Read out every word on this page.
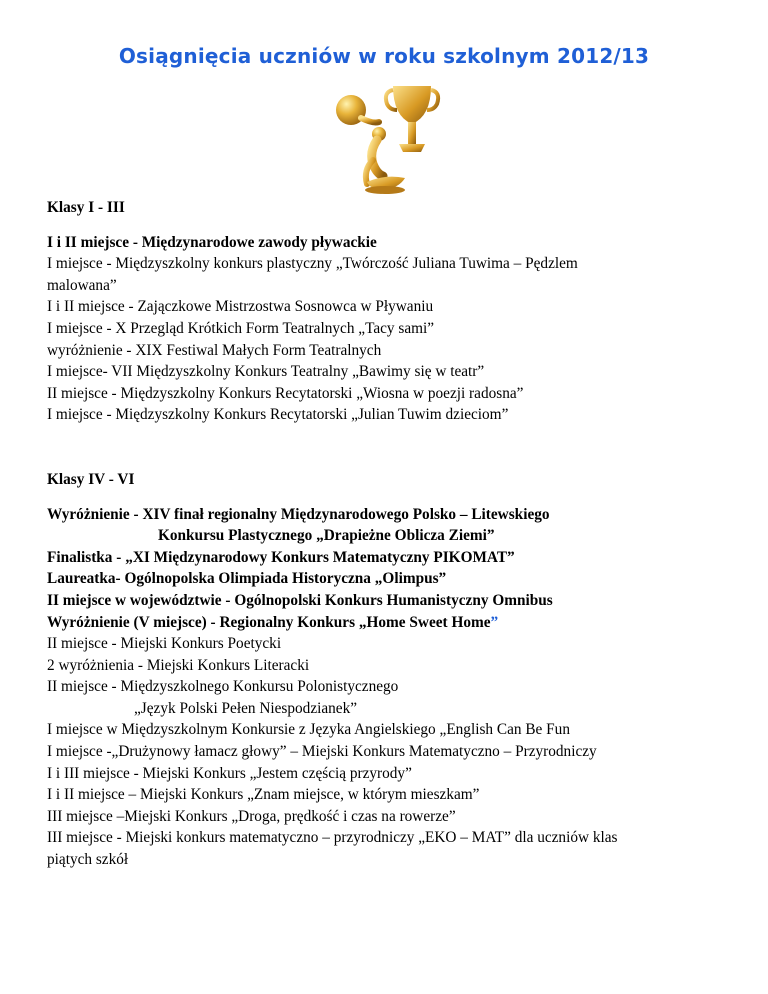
Osiągnięcia uczniów w roku szkolnym 2012/13

Klasy I - III

I i II miejsce - Międzynarodowe zawody pływackie

I miejsce - Międzyszkolny konkurs plastyczny „Twórczość Juliana Tuwima – Pędzlem

malowana”

I i II miejsce - Zajączkowe Mistrzostwa Sosnowca w Pływaniu

I miejsce - X Przegląd Krótkich Form Teatralnych „Tacy sami”

wyróżnienie - XIX Festiwal Małych Form Teatralnych

I miejsce- VII Międzyszkolny Konkurs Teatralny „Bawimy się w teatr”

II miejsce - Międzyszkolny Konkurs Recytatorski „Wiosna w poezji radosna”

I miejsce - Międzyszkolny Konkurs Recytatorski „Julian Tuwim dzieciom”

Klasy IV - VI

Wyróżnienie - XIV finał regionalny Międzynarodowego Polsko – Litewskiego

Konkursu Plastycznego „Drapieżne Oblicza Ziemi”

Finalistka - „XI Międzynarodowy Konkurs Matematyczny PIKOMAT”

Laureatka- Ogólnopolska Olimpiada Historyczna „Olimpus”

II miejsce w województwie - Ogólnopolski Konkurs Humanistyczny Omnibus

Wyróżnienie (V miejsce) - Regionalny Konkurs „Home Sweet Home”

II miejsce - Miejski Konkurs Poetycki

2 wyróżnienia - Miejski Konkurs Literacki

II miejsce - Międzyszkolnego Konkursu Polonistycznego

„Język Polski Pełen Niespodzianek”

I miejsce w Międzyszkolnym Konkursie z Języka Angielskiego „English Can Be Fun

I miejsce -„Drużynowy łamacz głowy” – Miejski Konkurs Matematyczno – Przyrodniczy

I i III miejsce - Miejski Konkurs „Jestem częścią przyrody”

I i II miejsce – Miejski Konkurs „Znam miejsce, w którym mieszkam”

III miejsce –Miejski Konkurs „Droga, prędkość i czas na rowerze”

III miejsce - Miejski konkurs matematyczno – przyrodniczy „EKO – MAT” dla uczniów klas

piątych szkół
